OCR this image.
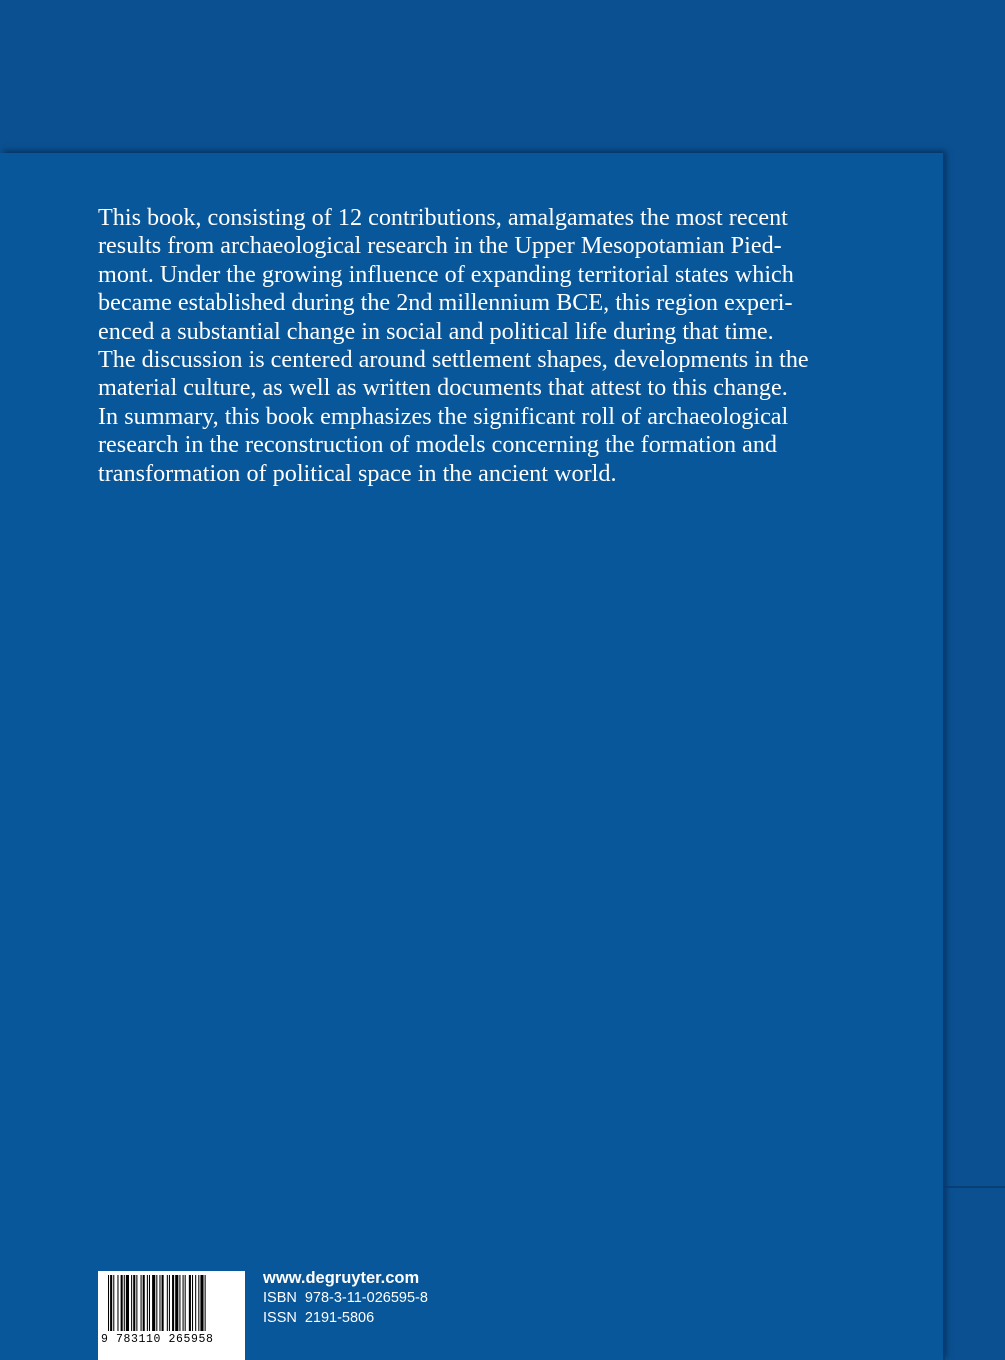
This book, consisting of 12 contributions, amalgamates the most recent
results from archaeological research in the Upper Mesopotamian Pied-
mont. Under the growing influence of expanding territorial states which
became established during the 2nd millennium BCE, this region experi-
enced a substantial change in social and political life during that time.
The discussion is centered around settlement shapes, developments in the
material culture, as well as written documents that attest to this change.
In summary, this book emphasizes the significant roll of archaeological
research in the reconstruction of models concerning the formation and
transformation of political space in the ancient world.

9 783110 265958
www.degruyter.com
ISBN 978-3-11-026595-8
ISSN 2191-5806
